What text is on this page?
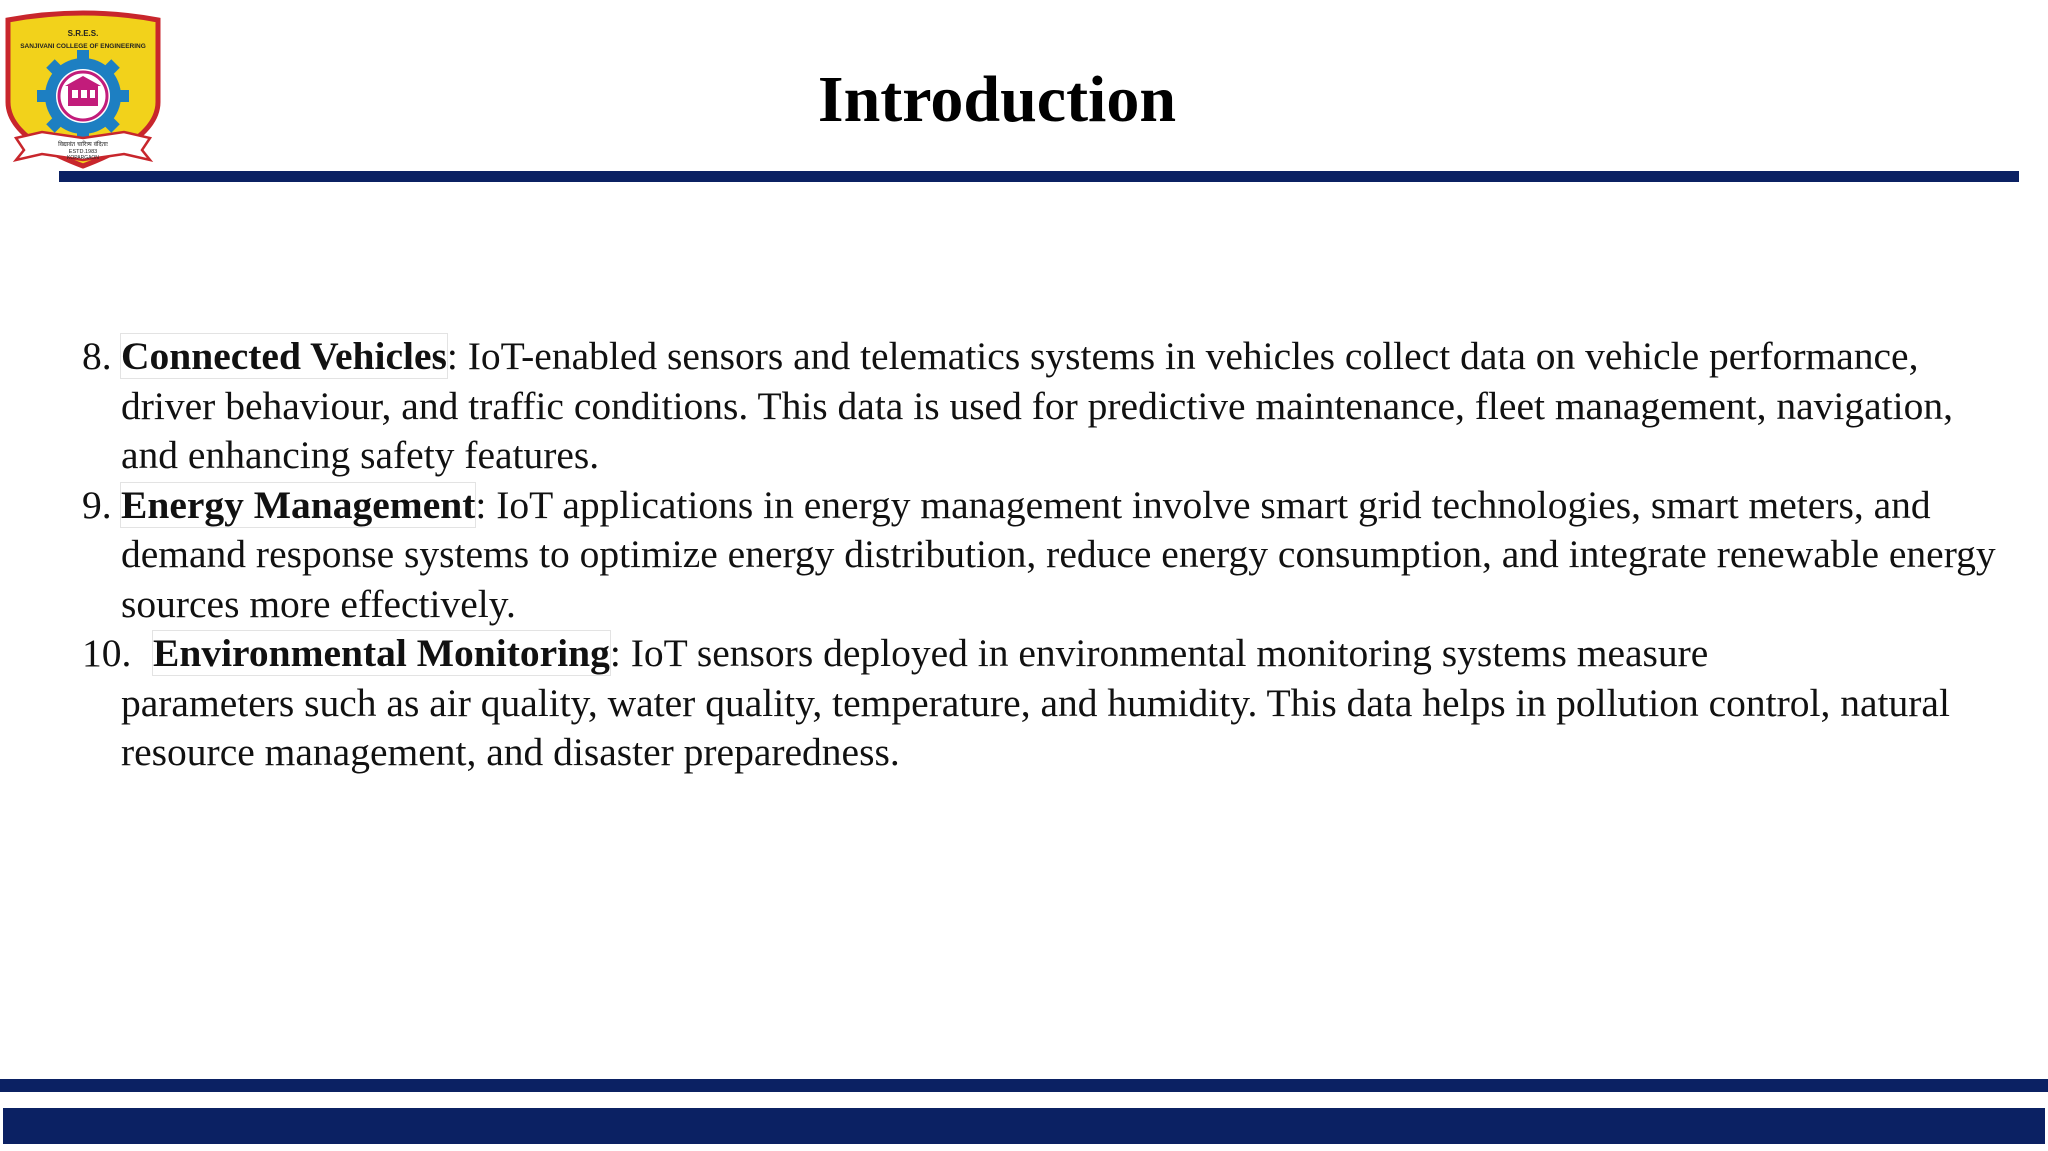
S.R.E.S.
SANJIVANI COLLEGE OF ENGINEERING
विद्यावंत चारित्र्य वंदिताः
ESTD.1983
KOPARGAON
Introduction
8. Connected Vehicles: IoT-enabled sensors and telematics systems in vehicles collect data on vehicle performance, driver behaviour, and traffic conditions. This data is used for predictive maintenance, fleet management, navigation, and enhancing safety features.
9. Energy Management: IoT applications in energy management involve smart grid technologies, smart meters, and demand response systems to optimize energy distribution, reduce energy consumption, and integrate renewable energy sources more effectively.
10. Environmental Monitoring: IoT sensors deployed in environmental monitoring systems measure
parameters such as air quality, water quality, temperature, and humidity. This data helps in pollution control, natural resource management, and disaster preparedness.
